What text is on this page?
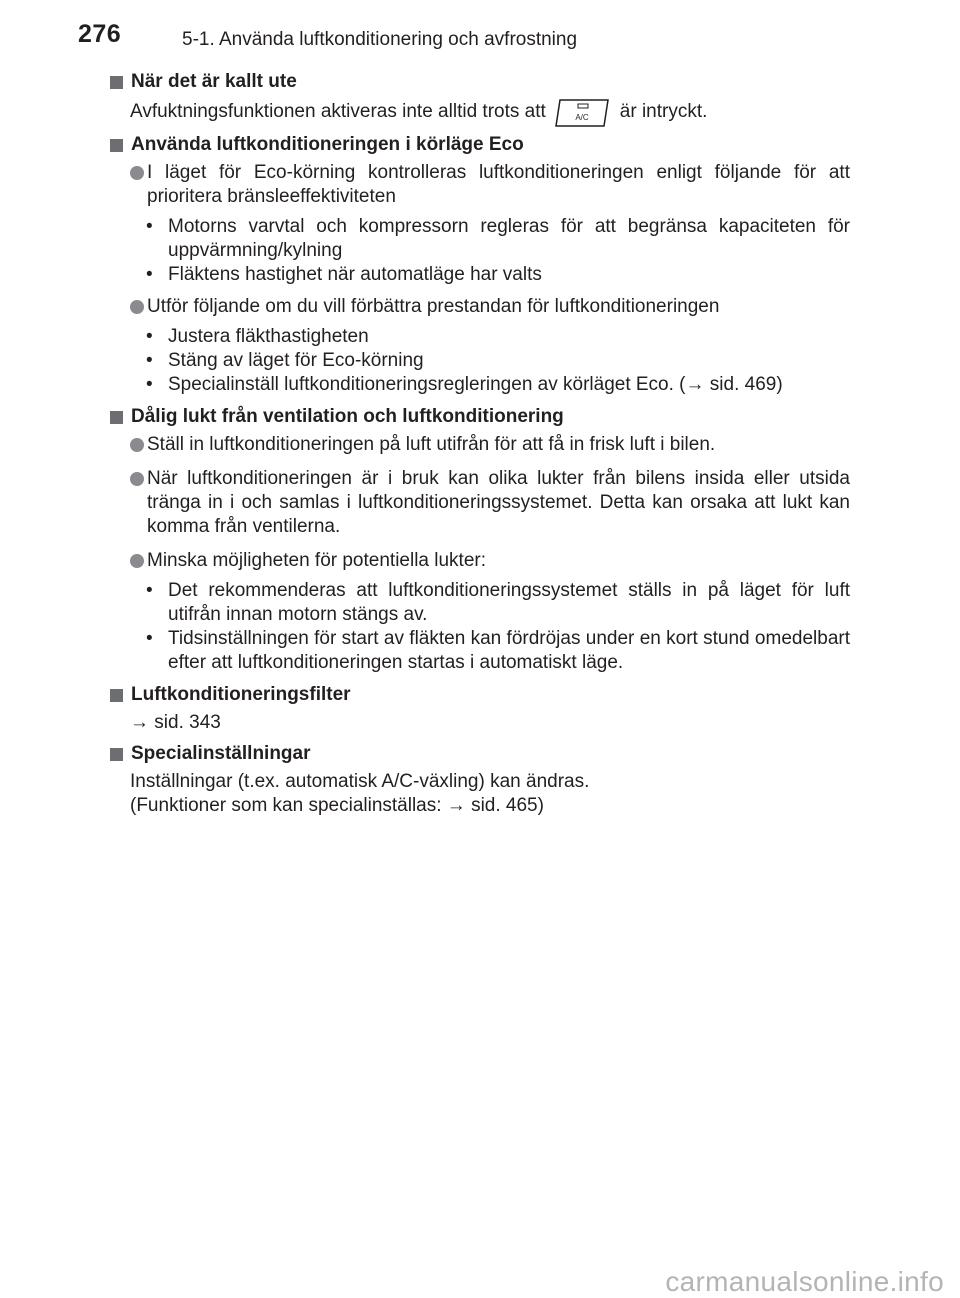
276	5-1. Använda luftkonditionering och avfrostning
När det är kallt ute
Avfuktningsfunktionen aktiveras inte alltid trots att	A/C är intryckt.
Använda luftkonditioneringen i körläge Eco
I läget för Eco-körning kontrolleras luftkonditioneringen enligt följande för att prioritera bränsleeffektiviteten
• Motorns varvtal och kompressorn regleras för att begränsa kapaciteten för uppvärmning/kylning
• Fläktens hastighet när automatläge har valts
Utför följande om du vill förbättra prestandan för luftkonditioneringen
• Justera fläkthastigheten
• Stäng av läget för Eco-körning
• Specialinställ luftkonditioneringsregleringen av körläget Eco. (→ sid. 469)
Dålig lukt från ventilation och luftkonditionering
Ställ in luftkonditioneringen på luft utifrån för att få in frisk luft i bilen.
När luftkonditioneringen är i bruk kan olika lukter från bilens insida eller utsida tränga in i och samlas i luftkonditioneringssystemet. Detta kan orsaka att lukt kan komma från ventilerna.
Minska möjligheten för potentiella lukter:
• Det rekommenderas att luftkonditioneringssystemet ställs in på läget för luft utifrån innan motorn stängs av.
• Tidsinställningen för start av fläkten kan fördröjas under en kort stund omedelbart efter att luftkonditioneringen startas i automatiskt läge.
Luftkonditioneringsfilter
→ sid. 343
Specialinställningar
Inställningar (t.ex. automatisk A/C-växling) kan ändras.
(Funktioner som kan specialinställas: → sid. 465)
carmanualsonline.info
